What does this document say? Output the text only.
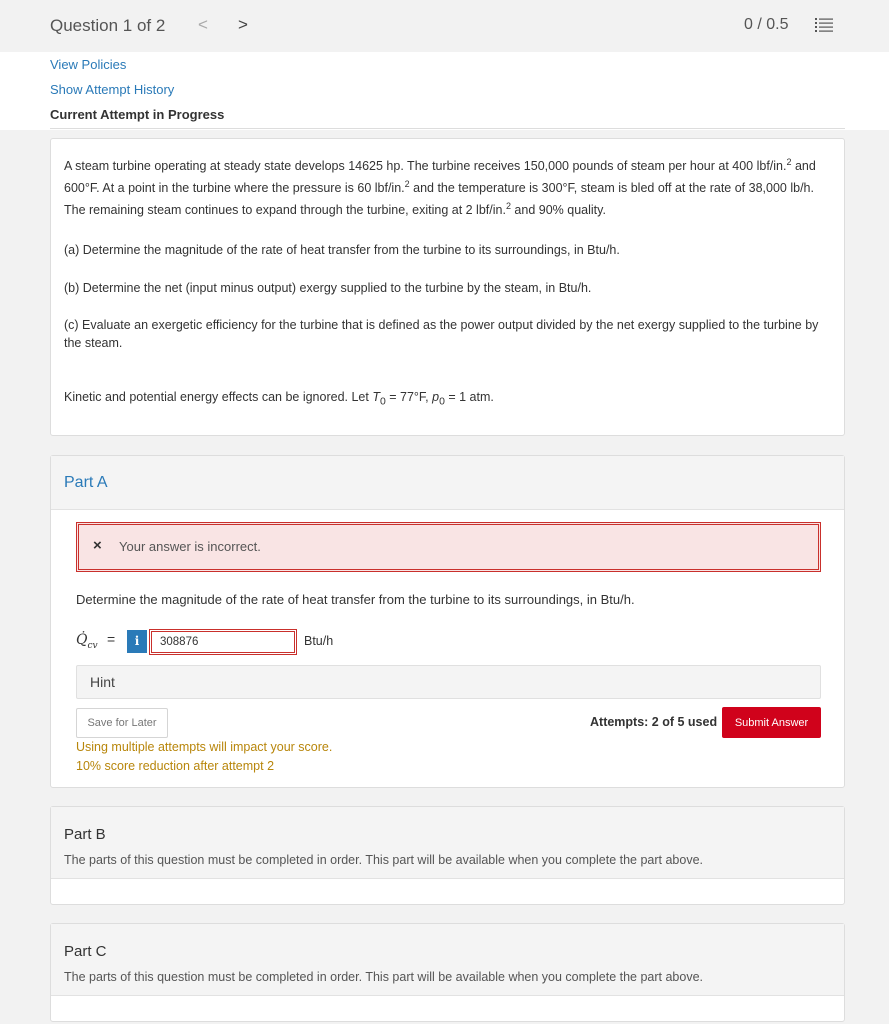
Question 1 of 2 < >	0 / 0.5
View Policies
Show Attempt History
Current Attempt in Progress

A steam turbine operating at steady state develops 14625 hp. The turbine receives 150,000 pounds of steam per hour at 400 lbf/in.$^2$ and 600°F. At a point in the turbine where the pressure is 60 lbf/in.$^2$ and the temperature is 300°F, steam is bled off at the rate of 38,000 lb/h. The remaining steam continues to expand through the turbine, exiting at 2 lbf/in.$^2$ and 90% quality.

(a) Determine the magnitude of the rate of heat transfer from the turbine to its surroundings, in Btu/h.

(b) Determine the net (input minus output) exergy supplied to the turbine by the steam, in Btu/h.

(c) Evaluate an exergetic efficiency for the turbine that is defined as the power output divided by the net exergy supplied to the turbine by the steam.

Kinetic and potential energy effects can be ignored. Let $T_0 = 77^\circ F$, $p_0 = 1$ atm.

Part A
× Your answer is incorrect.
Determine the magnitude of the rate of heat transfer from the turbine to its surroundings, in Btu/h.
$Q̇_{cv}$ =	i	308876	Btu/h
Hint
Save for Later	Attempts: 2 of 5 used	Submit Answer
Using multiple attempts will impact your score.
10% score reduction after attempt 2
Part B
The parts of this question must be completed in order. This part will be available when you complete the part above.
Part C
The parts of this question must be completed in order. This part will be available when you complete the part above.
